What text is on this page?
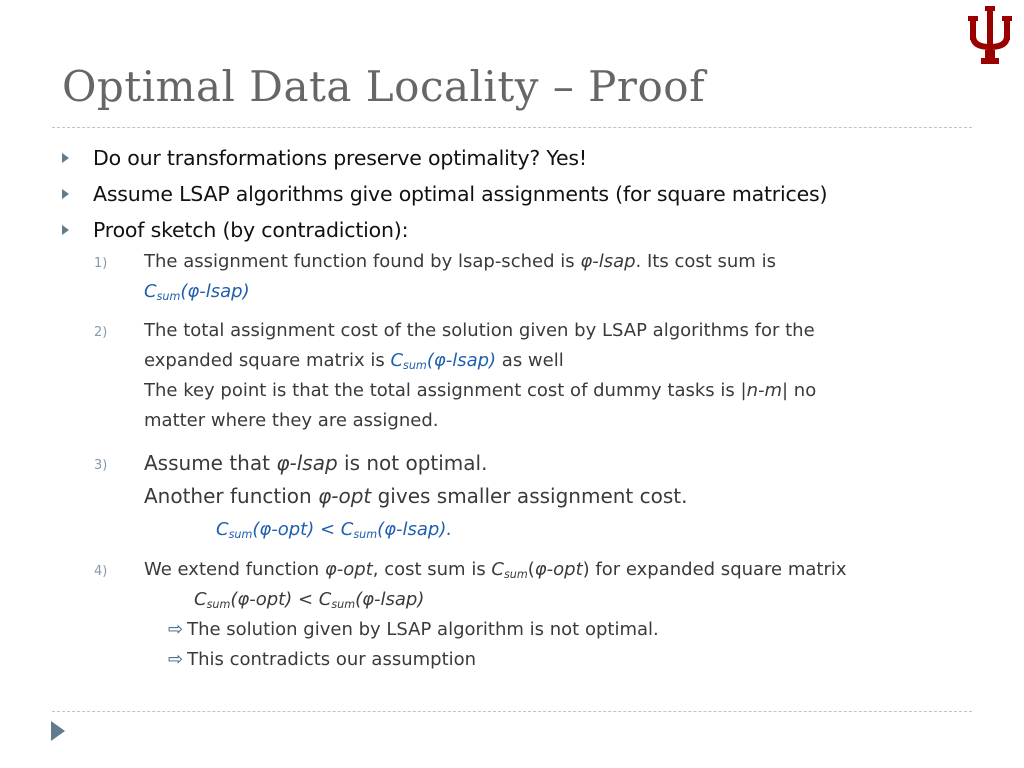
Optimal Data Locality – Proof
Do our transformations preserve optimality? Yes!
Assume LSAP algorithms give optimal assignments (for square matrices)
Proof sketch (by contradiction):
1) The assignment function found by lsap-sched is φ-lsap. Its cost sum is
$C_{sum}(\varphi-lsap)$
2) The total assignment cost of the solution given by LSAP algorithms for the
expanded square matrix is $C_{sum}(\varphi-lsap)$ as well
The key point is that the total assignment cost of dummy tasks is |n-m| no
matter where they are assigned.
3) Assume that φ-lsap is not optimal.
Another function φ-opt gives smaller assignment cost.
$C_{sum}(\varphi-opt)$ < $C_{sum}(\varphi-lsap)$.
4) We extend function φ-opt, cost sum is $C_{sum}(\varphi-opt)$ for expanded square matrix
$C_{sum}(\varphi-opt)$ < $C_{sum}(\varphi-lsap)$
⇨ The solution given by LSAP algorithm is not optimal.
⇨ This contradicts our assumption
